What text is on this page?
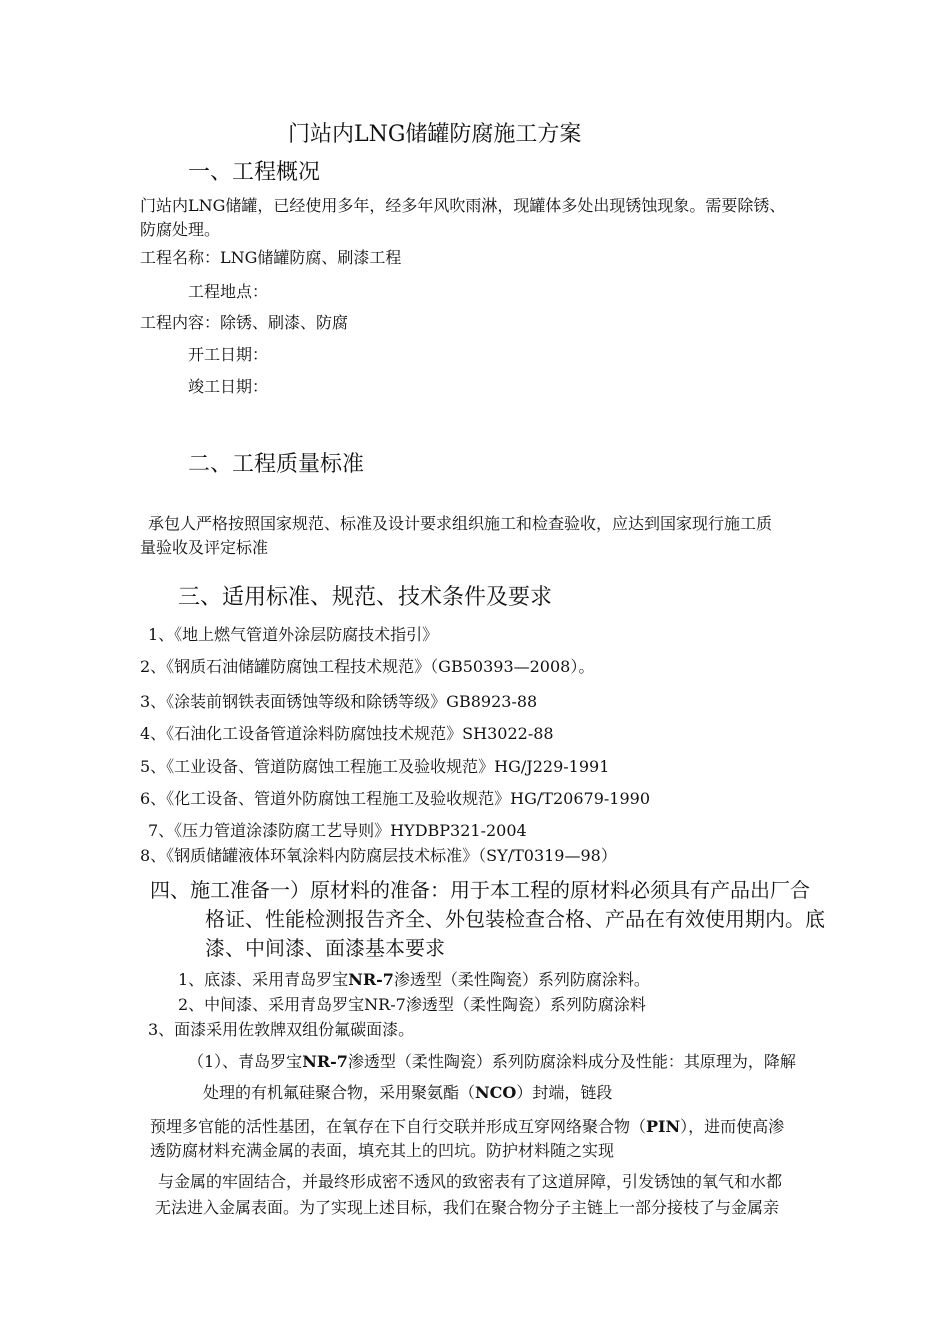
门站内LNG储罐防腐施工方案
一、工程概况
门站内LNG储罐，已经使用多年，经多年风吹雨淋，现罐体多处出现锈蚀现象。需要除锈、
防腐处理。
工程名称：LNG储罐防腐、刷漆工程
工程地点：
工程内容：除锈、刷漆、防腐
开工日期：
竣工日期：
二、工程质量标准
承包人严格按照国家规范、标准及设计要求组织施工和检查验收，应达到国家现行施工质
量验收及评定标准
三、适用标准、规范、技术条件及要求
1、《地上燃气管道外涂层防腐技术指引》
2、《钢质石油储罐防腐蚀工程技术规范》（GB50393—2008）。
3、《涂装前钢铁表面锈蚀等级和除锈等级》GB8923-88
4、《石油化工设备管道涂料防腐蚀技术规范》SH3022-88
5、《工业设备、管道防腐蚀工程施工及验收规范》HG/J229-1991
6、《化工设备、管道外防腐蚀工程施工及验收规范》HG/T20679-1990
7、《压力管道涂漆防腐工艺导则》HYDBP321-2004
8、《钢质储罐液体环氧涂料内防腐层技术标准》（SY/T0319—98）
四、施工准备一）原材料的准备：用于本工程的原材料必须具有产品出厂合
格证、性能检测报告齐全、外包装检查合格、产品在有效使用期内。底
漆、中间漆、面漆基本要求
1、底漆、采用青岛罗宝NR-7渗透型（柔性陶瓷）系列防腐涂料。
2、中间漆、采用青岛罗宝NR-7渗透型（柔性陶瓷）系列防腐涂料
3、面漆采用佐敦牌双组份氟碳面漆。
（1）、青岛罗宝NR-7渗透型（柔性陶瓷）系列防腐涂料成分及性能：其原理为，降解
处理的有机氟硅聚合物，采用聚氨酯（NCO）封端，链段
预埋多官能的活性基团，在氧存在下自行交联并形成互穿网络聚合物（PIN），进而使高渗
透防腐材料充满金属的表面，填充其上的凹坑。防护材料随之实现
与金属的牢固结合，并最终形成密不透风的致密表有了这道屏障，引发锈蚀的氧气和水都
无法进入金属表面。为了实现上述目标，我们在聚合物分子主链上一部分接枝了与金属亲
